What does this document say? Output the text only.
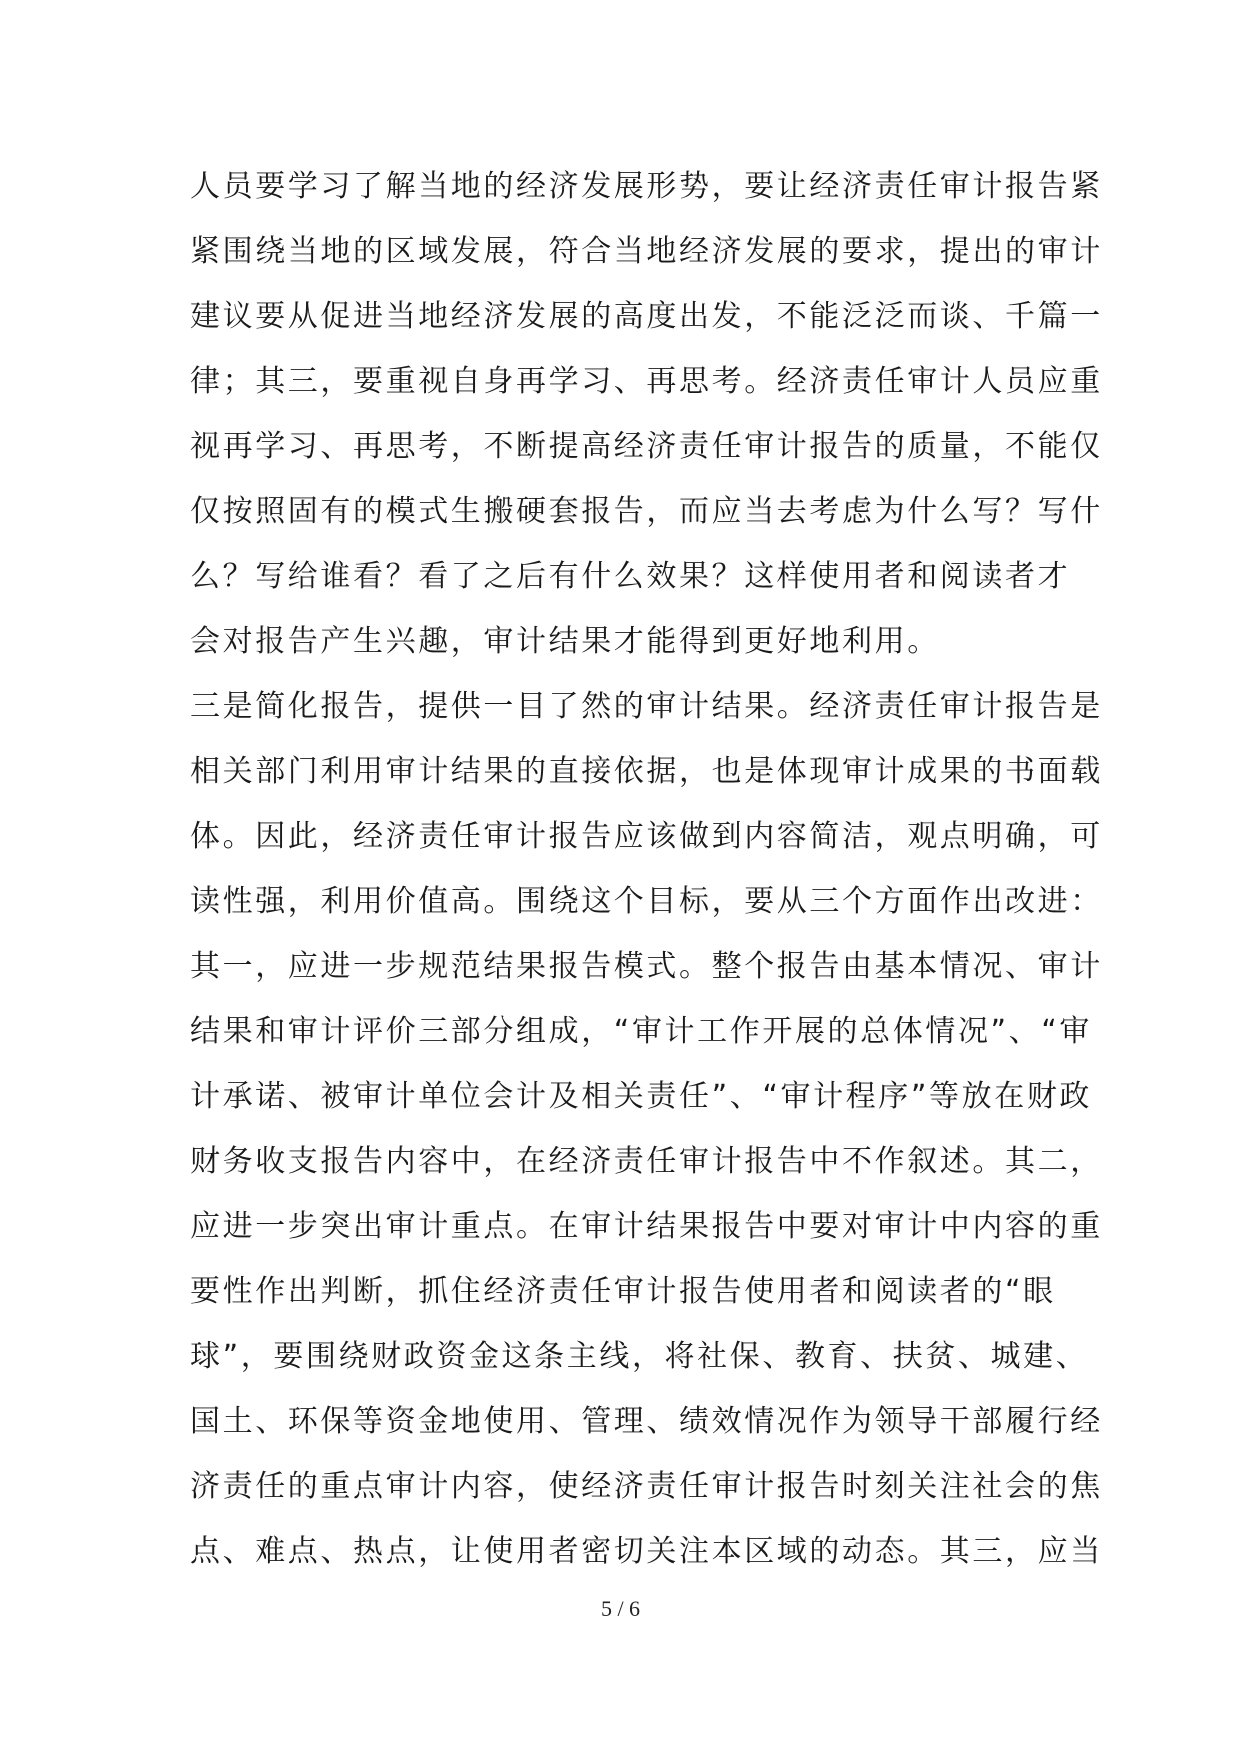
人员要学习了解当地的经济发展形势，要让经济责任审计报告紧
紧围绕当地的区域发展，符合当地经济发展的要求，提出的审计
建议要从促进当地经济发展的高度出发，不能泛泛而谈、千篇一
律；其三，要重视自身再学习、再思考。经济责任审计人员应重
视再学习、再思考，不断提高经济责任审计报告的质量，不能仅
仅按照固有的模式生搬硬套报告，而应当去考虑为什么写？写什
么？写给谁看？看了之后有什么效果？这样使用者和阅读者才
会对报告产生兴趣，审计结果才能得到更好地利用。
三是简化报告，提供一目了然的审计结果。经济责任审计报告是
相关部门利用审计结果的直接依据，也是体现审计成果的书面载
体。因此，经济责任审计报告应该做到内容简洁，观点明确，可
读性强，利用价值高。围绕这个目标，要从三个方面作出改进：
其一，应进一步规范结果报告模式。整个报告由基本情况、审计
结果和审计评价三部分组成，“审计工作开展的总体情况”、“审
计承诺、被审计单位会计及相关责任”、“审计程序”等放在财政
财务收支报告内容中，在经济责任审计报告中不作叙述。其二，
应进一步突出审计重点。在审计结果报告中要对审计中内容的重
要性作出判断，抓住经济责任审计报告使用者和阅读者的“眼
球”，要围绕财政资金这条主线，将社保、教育、扶贫、城建、
国土、环保等资金地使用、管理、绩效情况作为领导干部履行经
济责任的重点审计内容，使经济责任审计报告时刻关注社会的焦
点、难点、热点，让使用者密切关注本区域的动态。其三，应当
5 / 6
